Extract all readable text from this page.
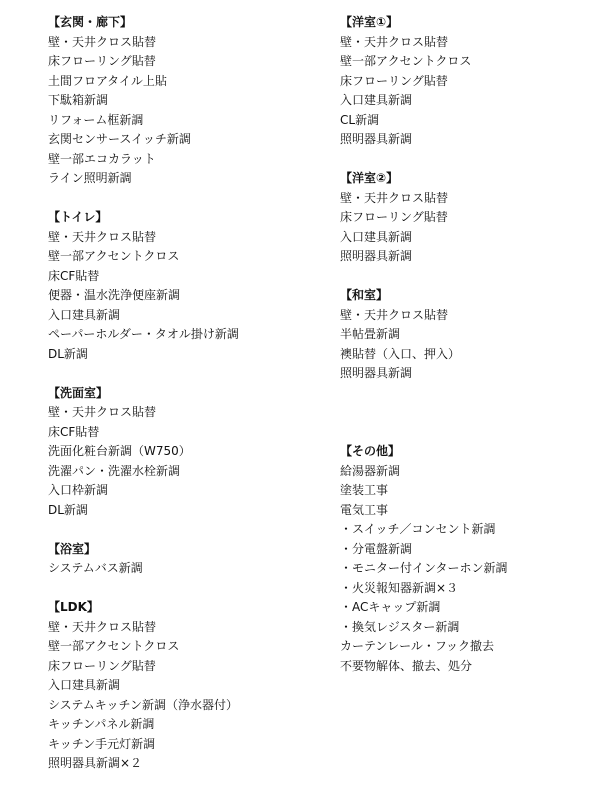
【玄関・廊下】
壁・天井クロス貼替
床フローリング貼替
土間フロアタイル上貼
下駄箱新調
リフォーム框新調
玄関センサースイッチ新調
壁一部エコカラット
ライン照明新調
【トイレ】
壁・天井クロス貼替
壁一部アクセントクロス
床CF貼替
便器・温水洗浄便座新調
入口建具新調
ペーパーホルダー・タオル掛け新調
DL新調
【洗面室】
壁・天井クロス貼替
床CF貼替
洗面化粧台新調（W750）
洗濯パン・洗濯水栓新調
入口枠新調
DL新調
【浴室】
システムバス新調
【LDK】
壁・天井クロス貼替
壁一部アクセントクロス
床フローリング貼替
入口建具新調
システムキッチン新調（浄水器付）
キッチンパネル新調
キッチン手元灯新調
照明器具新調×２
【洋室①】
壁・天井クロス貼替
壁一部アクセントクロス
床フローリング貼替
入口建具新調
CL新調
照明器具新調
【洋室②】
壁・天井クロス貼替
床フローリング貼替
入口建具新調
照明器具新調
【和室】
壁・天井クロス貼替
半帖畳新調
襖貼替（入口、押入）
照明器具新調
【その他】
給湯器新調
塗装工事
電気工事
・スイッチ／コンセント新調
・分電盤新調
・モニター付インターホン新調
・火災報知器新調×３
・ACキャップ新調
・換気レジスター新調
カーテンレール・フック撤去
不要物解体、撤去、処分
